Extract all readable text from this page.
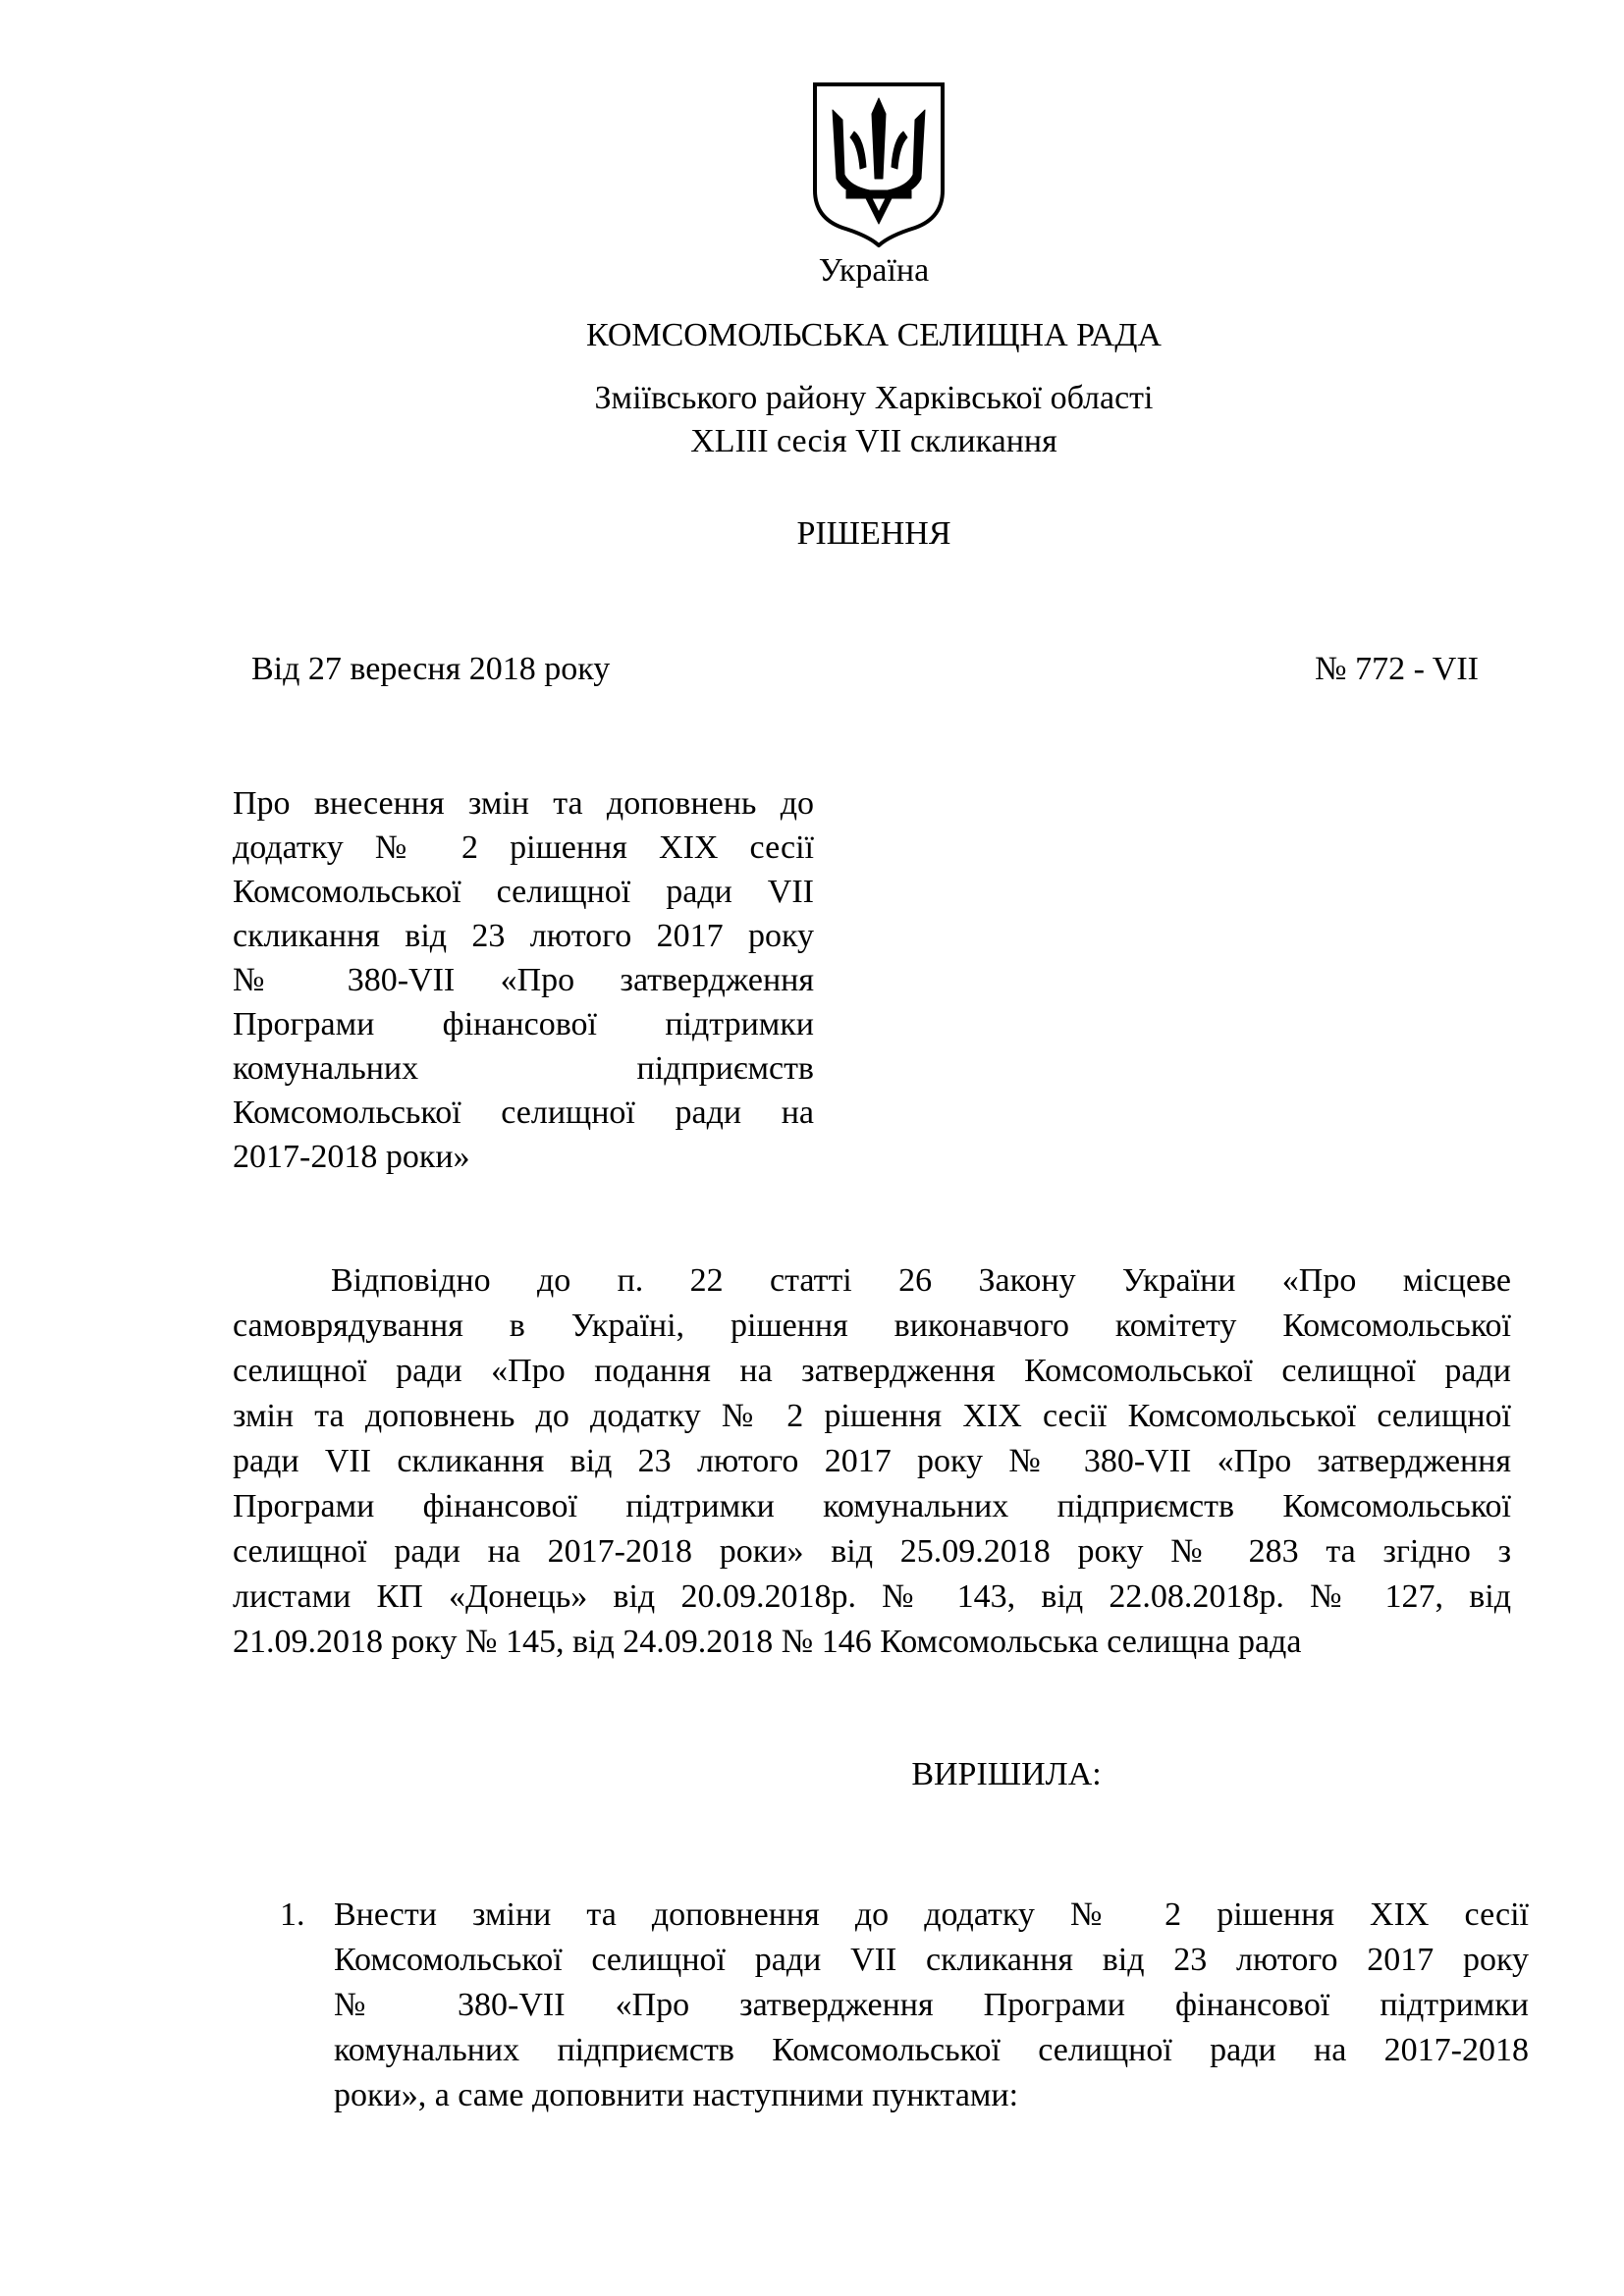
Україна
КОМСОМОЛЬСЬКА СЕЛИЩНА РАДА
Зміївського району Харківської області
XLIII сесія VII скликання
РІШЕННЯ
Від 27 вересня 2018 року	№ 772 - VII
Про внесення змін та доповнень до
додатку № 2 рішення XIX сесії
Комсомольської селищної ради VII
скликання від 23 лютого 2017 року
№ 380-VII «Про затвердження
Програми фінансової підтримки
комунальних підприємств
Комсомольської селищної ради на
2017-2018 роки»
Відповідно до п. 22 статті 26 Закону України «Про місцеве
самоврядування в Україні, рішення виконавчого комітету Комсомольської
селищної ради «Про подання на затвердження Комсомольської селищної ради
змін та доповнень до додатку № 2 рішення XIX сесії Комсомольської селищної
ради VII скликання від 23 лютого 2017 року № 380-VII «Про затвердження
Програми фінансової підтримки комунальних підприємств Комсомольської
селищної ради на 2017-2018 роки» від 25.09.2018 року № 283 та згідно з
листами КП «Донець» від 20.09.2018р. № 143, від 22.08.2018р. № 127, від
21.09.2018 року № 145, від 24.09.2018 № 146 Комсомольська селищна рада
ВИРІШИЛА:
1. Внести зміни та доповнення до додатку № 2 рішення XIX сесії
Комсомольської селищної ради VII скликання від 23 лютого 2017 року
№ 380-VII «Про затвердження Програми фінансової підтримки
комунальних підприємств Комсомольської селищної ради на 2017-2018
роки», а саме доповнити наступними пунктами:
